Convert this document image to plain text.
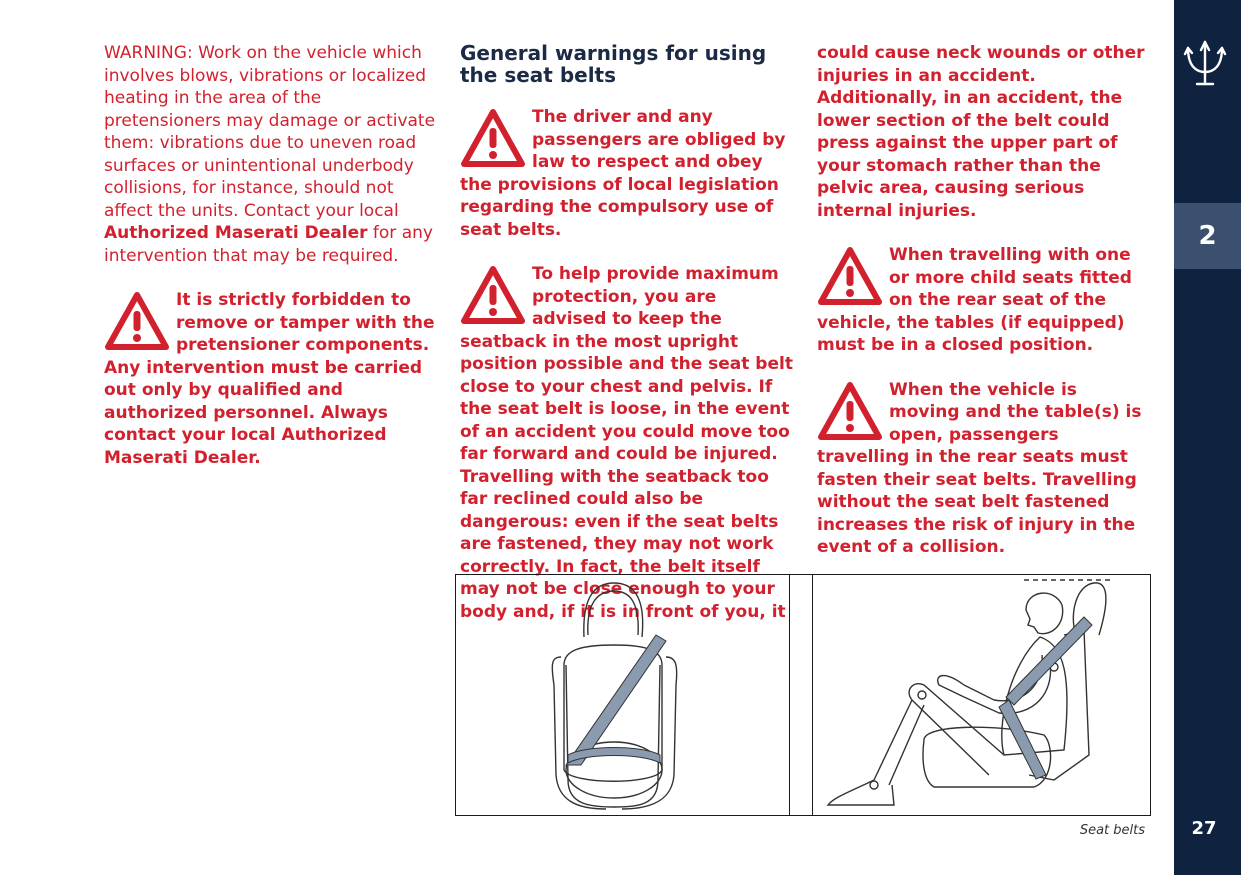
WARNING: Work on the vehicle which involves blows, vibrations or localized heating in the area of the pretensioners may damage or activate them: vibrations due to uneven road surfaces or unintentional underbody collisions, for instance, should not affect the units. Contact your local Authorized Maserati Dealer for any intervention that may be required.

It is strictly forbidden to remove or tamper with the pretensioner components. Any intervention must be carried out only by qualified and authorized personnel. Always contact your local Authorized Maserati Dealer.

General warnings for using the seat belts

The driver and any passengers are obliged by law to respect and obey the provisions of local legislation regarding the compulsory use of seat belts.

To help provide maximum protection, you are advised to keep the seatback in the most upright position possible and the seat belt close to your chest and pelvis. If the seat belt is loose, in the event of an accident you could move too far forward and could be injured. Travelling with the seatback too far reclined could also be dangerous: even if the seat belts are fastened, they may not work correctly. In fact, the belt itself may not be close enough to your body and, if it is in front of you, it

could cause neck wounds or other injuries in an accident. Additionally, in an accident, the lower section of the belt could press against the upper part of your stomach rather than the pelvic area, causing serious internal injuries.

When travelling with one or more child seats fitted on the rear seat of the vehicle, the tables (if equipped) must be in a closed position.

When the vehicle is moving and the table(s) is open, passengers travelling in the rear seats must fasten their seat belts. Travelling without the seat belt fastened increases the risk of injury in the event of a collision.

Seat belts
2
27
